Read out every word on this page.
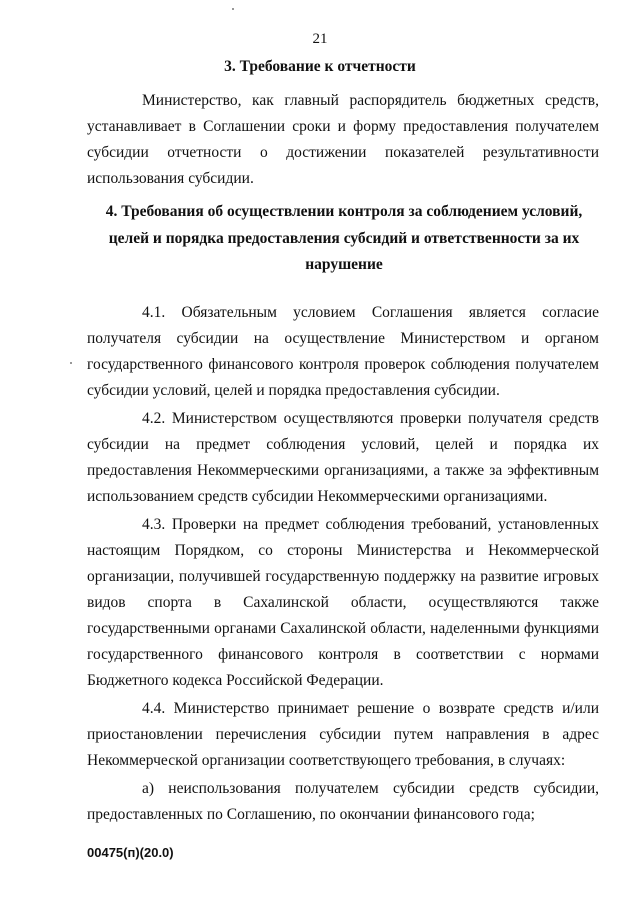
21
3. Требование к отчетности

Министерство, как главный распорядитель бюджетных средств, устанавливает в Соглашении сроки и форму предоставления получателем субсидии отчетности о достижении показателей результативности использования субсидии.

4. Требования об осуществлении контроля за соблюдением условий, целей и порядка предоставления субсидий и ответственности за их нарушение

4.1. Обязательным условием Соглашения является согласие получателя субсидии на осуществление Министерством и органом государственного финансового контроля проверок соблюдения получателем субсидии условий, целей и порядка предоставления субсидии.

4.2. Министерством осуществляются проверки получателя средств субсидии на предмет соблюдения условий, целей и порядка их предоставления Некоммерческими организациями, а также за эффективным использованием средств субсидии Некоммерческими организациями.

4.3. Проверки на предмет соблюдения требований, установленных настоящим Порядком, со стороны Министерства и Некоммерческой организации, получившей государственную поддержку на развитие игровых видов спорта в Сахалинской области, осуществляются также государственными органами Сахалинской области, наделенными функциями государственного финансового контроля в соответствии с нормами Бюджетного кодекса Российской Федерации.

4.4. Министерство принимает решение о возврате средств и/или приостановлении перечисления субсидии путем направления в адрес Некоммерческой организации соответствующего требования, в случаях:

а) неиспользования получателем субсидии средств субсидии, предоставленных по Соглашению, по окончании финансового года;

00475(п)(20.0)
